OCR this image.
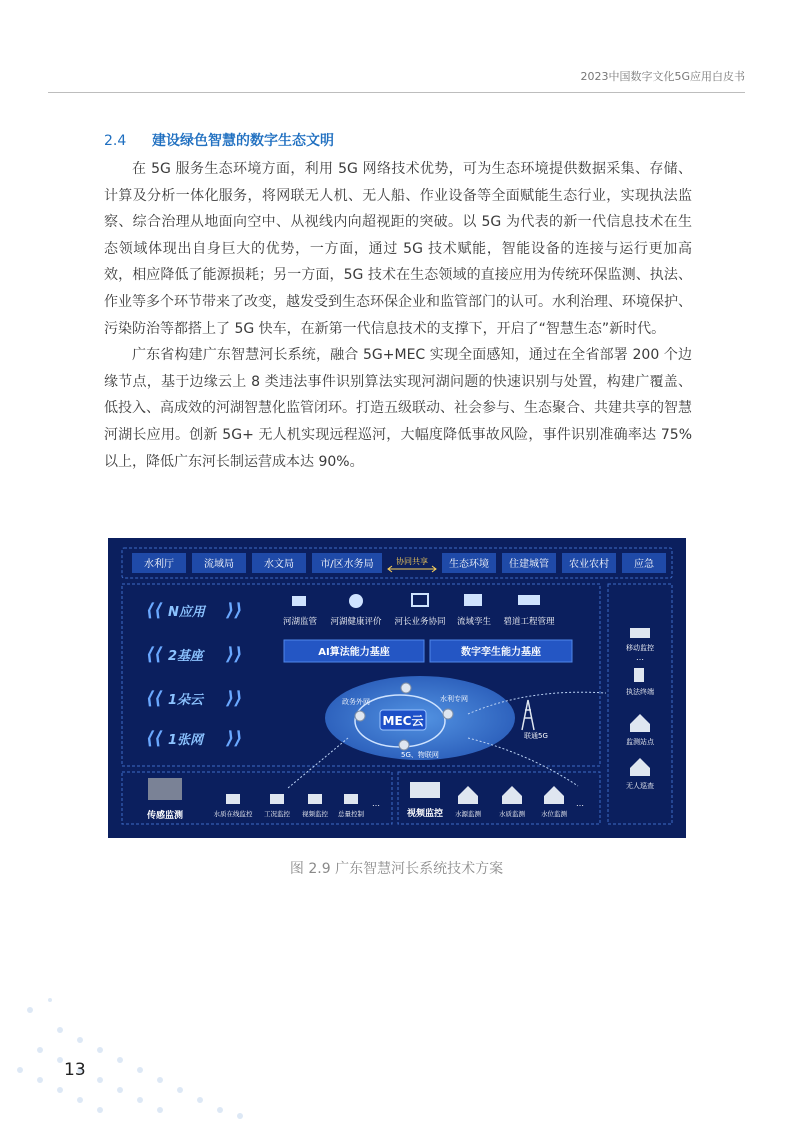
2023中国数字文化5G应用白皮书
2.4 建设绿色智慧的数字生态文明

在 5G 服务生态环境方面，利用 5G 网络技术优势，可为生态环境提供数据采集、存储、计算及分析一体化服务，将网联无人机、无人船、作业设备等全面赋能生态行业，实现执法监察、综合治理从地面向空中、从视线内向超视距的突破。以 5G 为代表的新一代信息技术在生态领域体现出自身巨大的优势，一方面，通过 5G 技术赋能，智能设备的连接与运行更加高效，相应降低了能源损耗；另一方面，5G 技术在生态领域的直接应用为传统环保监测、执法、作业等多个环节带来了改变，越发受到生态环保企业和监管部门的认可。水利治理、环境保护、污染防治等都搭上了 5G 快车，在新第一代信息技术的支撑下，开启了“智慧生态”新时代。

广东省构建广东智慧河长系统，融合 5G+MEC 实现全面感知，通过在全省部署 200 个边缘节点，基于边缘云上 8 类违法事件识别算法实现河湖问题的快速识别与处置，构建广覆盖、低投入、高成效的河湖智慧化监管闭环。打造五级联动、社会参与、生态聚合、共建共享的智慧河湖长应用。创新 5G+ 无人机实现远程巡河，大幅度降低事故风险，事件识别准确率达 75% 以上，降低广东河长制运营成本达 90%。

水利厅	流域局	水文局	市/区水务局	协同共享 生态环境 住建城管 农业农村	应急
⟨⟨ N应用 ⟩⟩
⟨⟨ 2基座 ⟩⟩
⟨⟨ 1朵云 ⟩⟩
⟨⟨ 1张网 ⟩⟩
河湖监管 河湖健康评价 河长业务协同 流域孪生 碧道工程管理
AI算法能力基座	数字孪生能力基座
MEC云
政务外网	水利专网
5G、物联网
联通5G
移动监控
…
执法终端
监测站点
无人巡查
传感监测	水质在线监控 工况监控 视频监控 总量控制
…
视频监控 水源监测	水质监测 水位监测
…
图 2.9 广东智慧河长系统技术方案
13
